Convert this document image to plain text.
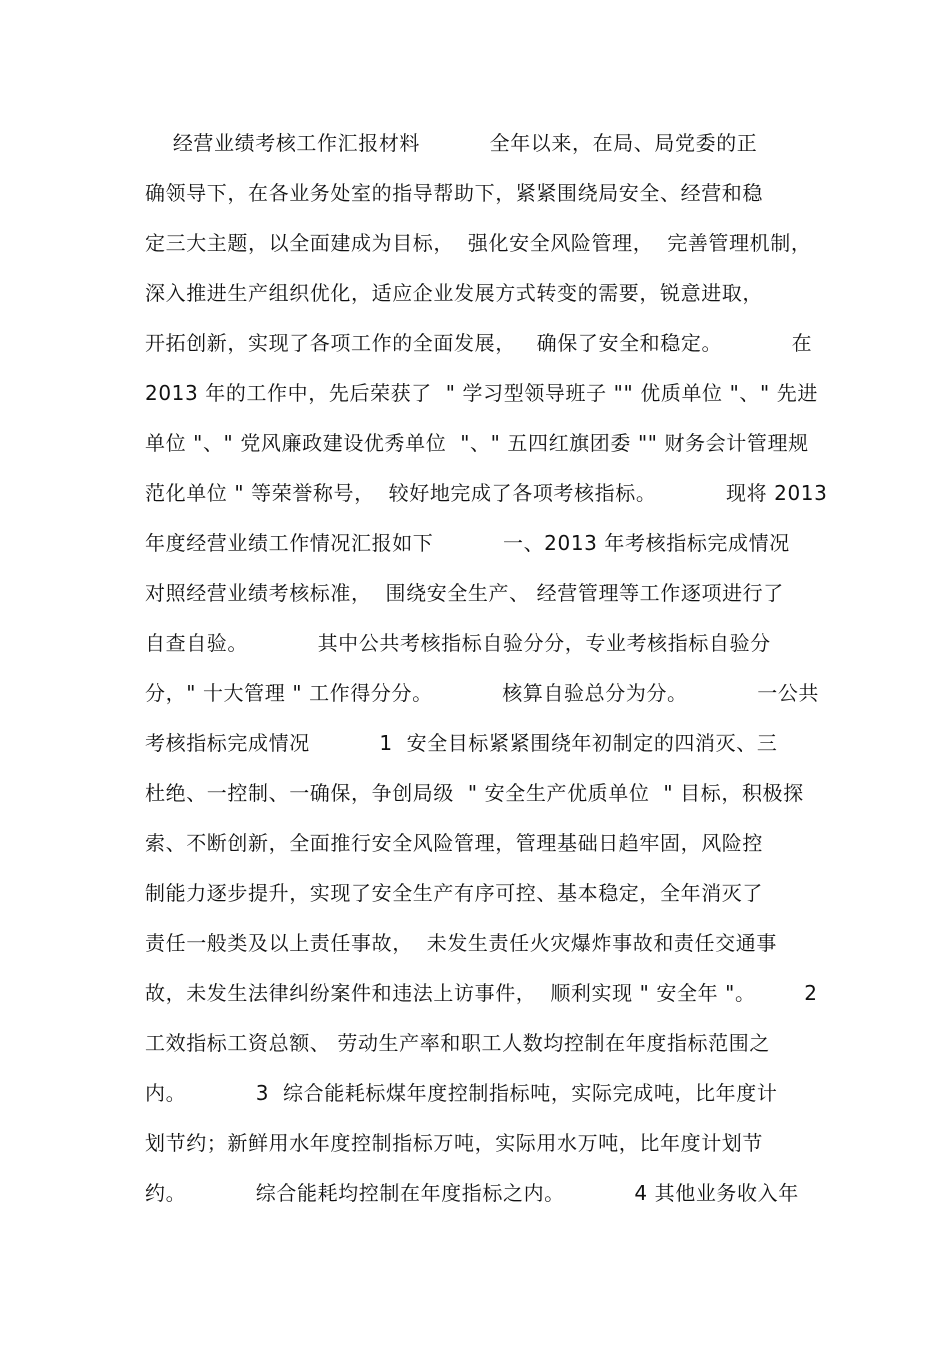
经营业绩考核工作汇报材料          全年以来，在局、局党委的正
确领导下，在各业务处室的指导帮助下，紧紧围绕局安全、经营和稳
定三大主题，以全面建成为目标，  强化安全风险管理，  完善管理机制，
深入推进生产组织优化，适应企业发展方式转变的需要，锐意进取，
开拓创新，实现了各项工作的全面发展，   确保了安全和稳定。          在
2013 年的工作中，先后荣获了  " 学习型领导班子 "" 优质单位 "、" 先进
单位 "、" 党风廉政建设优秀单位  "、" 五四红旗团委 "" 财务会计管理规
范化单位 " 等荣誉称号，  较好地完成了各项考核指标。          现将 2013
年度经营业绩工作情况汇报如下          一、2013 年考核指标完成情况
对照经营业绩考核标准，  围绕安全生产、 经营管理等工作逐项进行了
自查自验。          其中公共考核指标自验分分，专业考核指标自验分
分，" 十大管理 " 工作得分分。          核算自验总分为分。          一公共
考核指标完成情况          1  安全目标紧紧围绕年初制定的四消灭、三
杜绝、一控制、一确保，争创局级  " 安全生产优质单位  " 目标，积极探
索、不断创新，全面推行安全风险管理，管理基础日趋牢固，风险控
制能力逐步提升，实现了安全生产有序可控、基本稳定，全年消灭了
责任一般类及以上责任事故，  未发生责任火灾爆炸事故和责任交通事
故，未发生法律纠纷案件和违法上访事件，  顺利实现 " 安全年 "。       2
工效指标工资总额、 劳动生产率和职工人数均控制在年度指标范围之
内。          3  综合能耗标煤年度控制指标吨，实际完成吨，比年度计
划节约；新鲜用水年度控制指标万吨，实际用水万吨，比年度计划节
约。          综合能耗均控制在年度指标之内。          4 其他业务收入年
